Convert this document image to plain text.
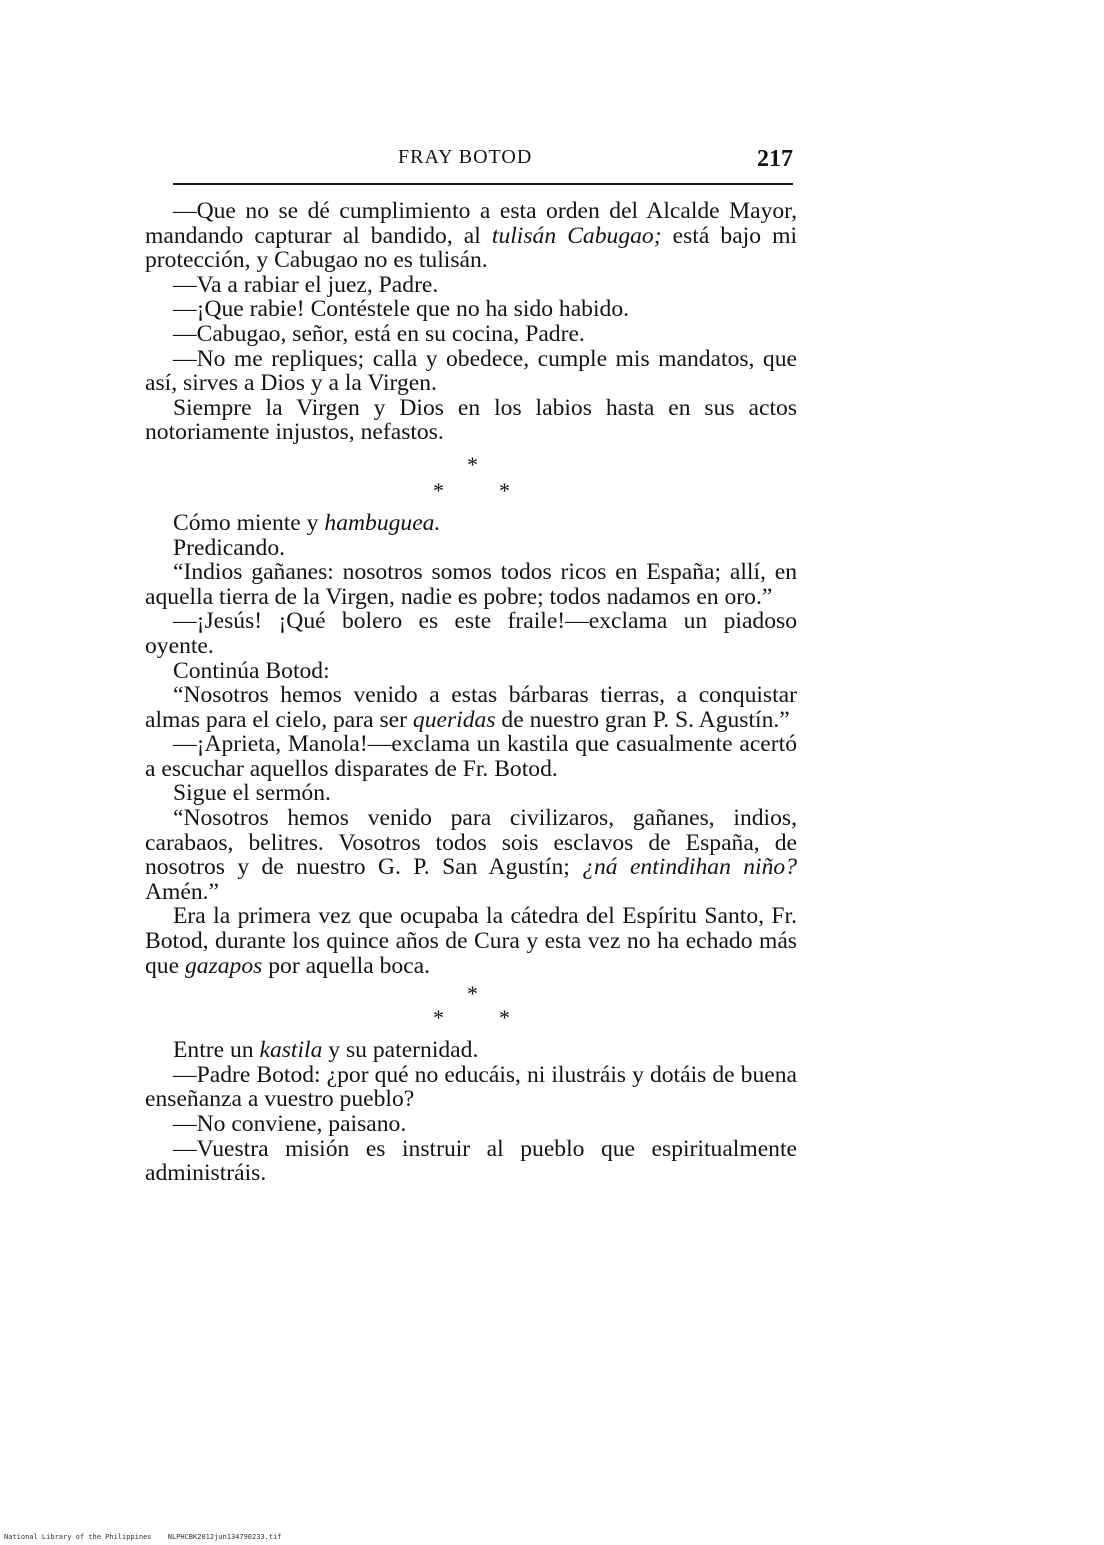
FRAY BOTOD	217

—Que no se dé cumplimiento a esta orden del Alcalde Mayor, mandando capturar al bandido, al tulisán Cabugao; está bajo mi protección, y Cabugao no es tulisán.

—Va a rabiar el juez, Padre.

—¡Que rabie! Contéstele que no ha sido habido.

—Cabugao, señor, está en su cocina, Padre.

—No me repliques; calla y obedece, cumple mis mandatos, que así, sirves a Dios y a la Virgen.

Siempre la Virgen y Dios en los labios hasta en sus actos notoriamente injustos, nefastos.

*
*	*

Cómo miente y hambuguea.

Predicando.

“Indios gañanes: nosotros somos todos ricos en España; allí, en aquella tierra de la Virgen, nadie es pobre; todos nadamos en oro.”

—¡Jesús! ¡Qué bolero es este fraile!—exclama un piadoso oyente.

Continúa Botod:

“Nosotros hemos venido a estas bárbaras tierras, a conquistar almas para el cielo, para ser queridas de nuestro gran P. S. Agustín.”

—¡Aprieta, Manola!—exclama un kastila que casualmente acertó a escuchar aquellos disparates de Fr. Botod.

Sigue el sermón.

“Nosotros hemos venido para civilizaros, gañanes, indios, carabaos, belitres. Vosotros todos sois esclavos de España, de nosotros y de nuestro G. P. San Agustín; ¿ná entindihan niño? Amén.”

Era la primera vez que ocupaba la cátedra del Espíritu Santo, Fr. Botod, durante los quince años de Cura y esta vez no ha echado más que gazapos por aquella boca.

*
*	*

Entre un kastila y su paternidad.

—Padre Botod: ¿por qué no educáis, ni ilustráis y dotáis de buena enseñanza a vuestro pueblo?

—No conviene, paisano.

—Vuestra misión es instruir al pueblo que espiritualmente administráis.

National Library of the Philippines NLPHCBK2012jun134790233.tif
